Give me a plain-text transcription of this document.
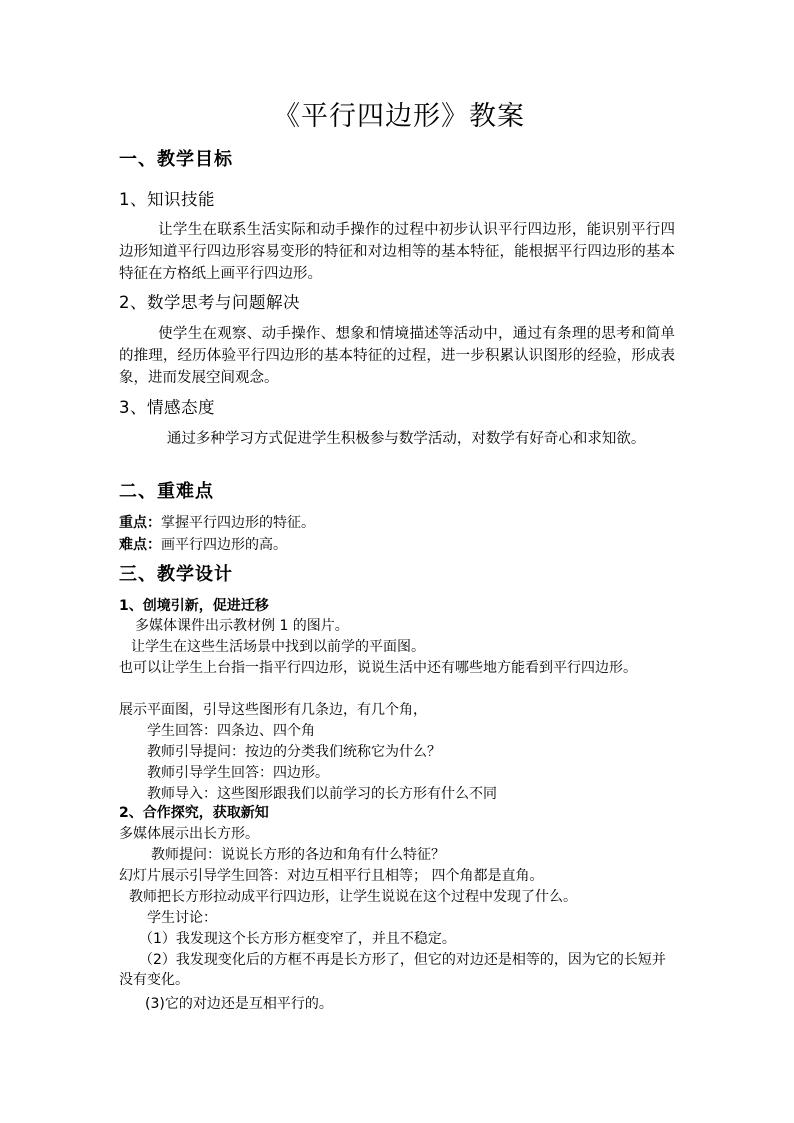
《平行四边形》教案
一、教学目标
1、知识技能
让学生在联系生活实际和动手操作的过程中初步认识平行四边形，能识别平行四边形知道平行四边形容易变形的特征和对边相等的基本特征，能根据平行四边形的基本特征在方格纸上画平行四边形。
2、数学思考与问题解决
使学生在观察、动手操作、想象和情境描述等活动中，通过有条理的思考和简单的推理，经历体验平行四边形的基本特征的过程，进一步积累认识图形的经验，形成表象，进而发展空间观念。
3、情感态度
通过多种学习方式促进学生积极参与数学活动，对数学有好奇心和求知欲。
二、重难点
重点：掌握平行四边形的特征。
难点：画平行四边形的高。
三、教学设计
1、创境引新，促进迁移
多媒体课件出示教材例 1 的图片。
让学生在这些生活场景中找到以前学的平面图。
也可以让学生上台指一指平行四边形，说说生活中还有哪些地方能看到平行四边形。
展示平面图，引导这些图形有几条边，有几个角，
学生回答：四条边、四个角
教师引导提问：按边的分类我们统称它为什么？
教师引导学生回答：四边形。
教师导入：这些图形跟我们以前学习的长方形有什么不同
2、合作探究，获取新知
多媒体展示出长方形。
教师提问：说说长方形的各边和角有什么特征？
幻灯片展示引导学生回答：对边互相平行且相等； 四个角都是直角。
教师把长方形拉动成平行四边形，让学生说说在这个过程中发现了什么。
学生讨论：
（1）我发现这个长方形方框变窄了，并且不稳定。
（2）我发现变化后的方框不再是长方形了，但它的对边还是相等的，因为它的长短并没有变化。
(3)它的对边还是互相平行的。
